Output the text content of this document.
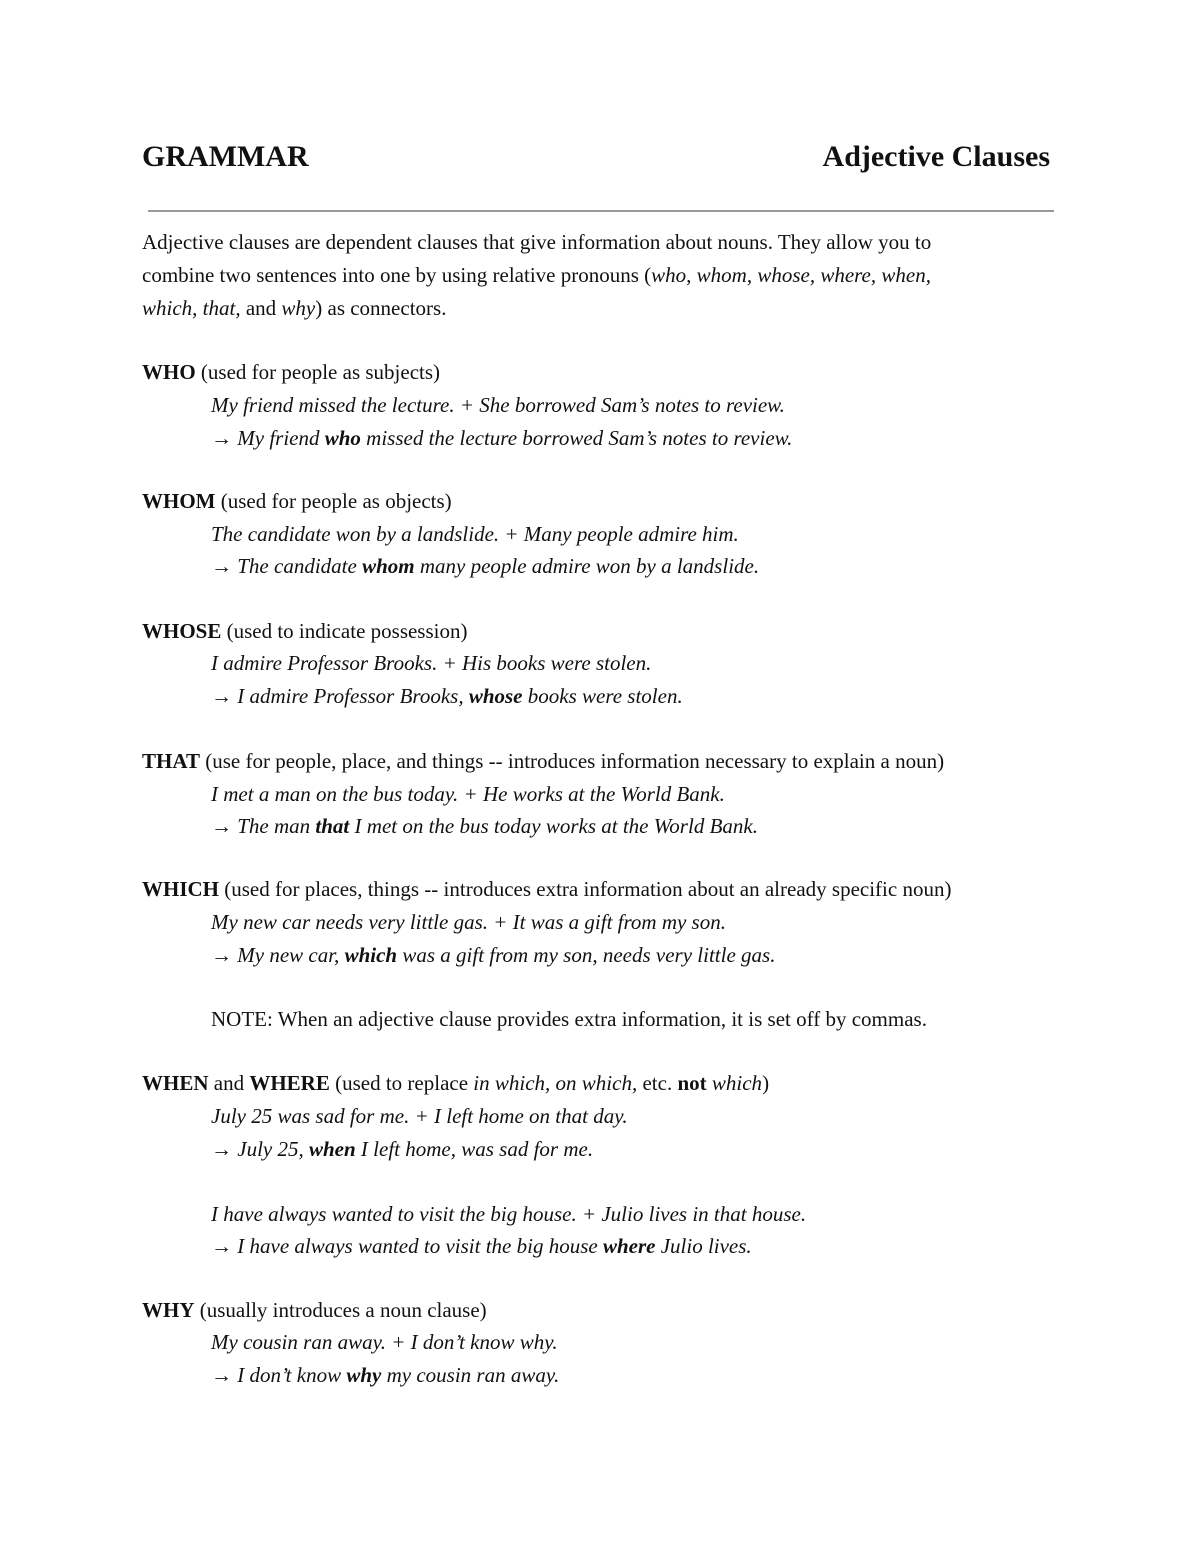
GRAMMAR	Adjective Clauses
Adjective clauses are dependent clauses that give information about nouns. They allow you to
combine two sentences into one by using relative pronouns (who, whom, whose, where, when,
which, that, and why) as connectors.
WHO (used for people as subjects)
My friend missed the lecture. + She borrowed Sam’s notes to review.
→ My friend who missed the lecture borrowed Sam’s notes to review.
WHOM (used for people as objects)
The candidate won by a landslide. + Many people admire him.
→ The candidate whom many people admire won by a landslide.
WHOSE (used to indicate possession)
I admire Professor Brooks. + His books were stolen.
→ I admire Professor Brooks, whose books were stolen.
THAT (use for people, place, and things -- introduces information necessary to explain a noun)
I met a man on the bus today. + He works at the World Bank.
→ The man that I met on the bus today works at the World Bank.
WHICH (used for places, things -- introduces extra information about an already specific noun)
My new car needs very little gas. + It was a gift from my son.
→ My new car, which was a gift from my son, needs very little gas.
NOTE: When an adjective clause provides extra information, it is set off by commas.
WHEN and WHERE (used to replace in which, on which, etc. not which)
July 25 was sad for me. + I left home on that day.
→ July 25, when I left home, was sad for me.
I have always wanted to visit the big house. + Julio lives in that house.
→ I have always wanted to visit the big house where Julio lives.
WHY (usually introduces a noun clause)
My cousin ran away. + I don’t know why.
→ I don’t know why my cousin ran away.
